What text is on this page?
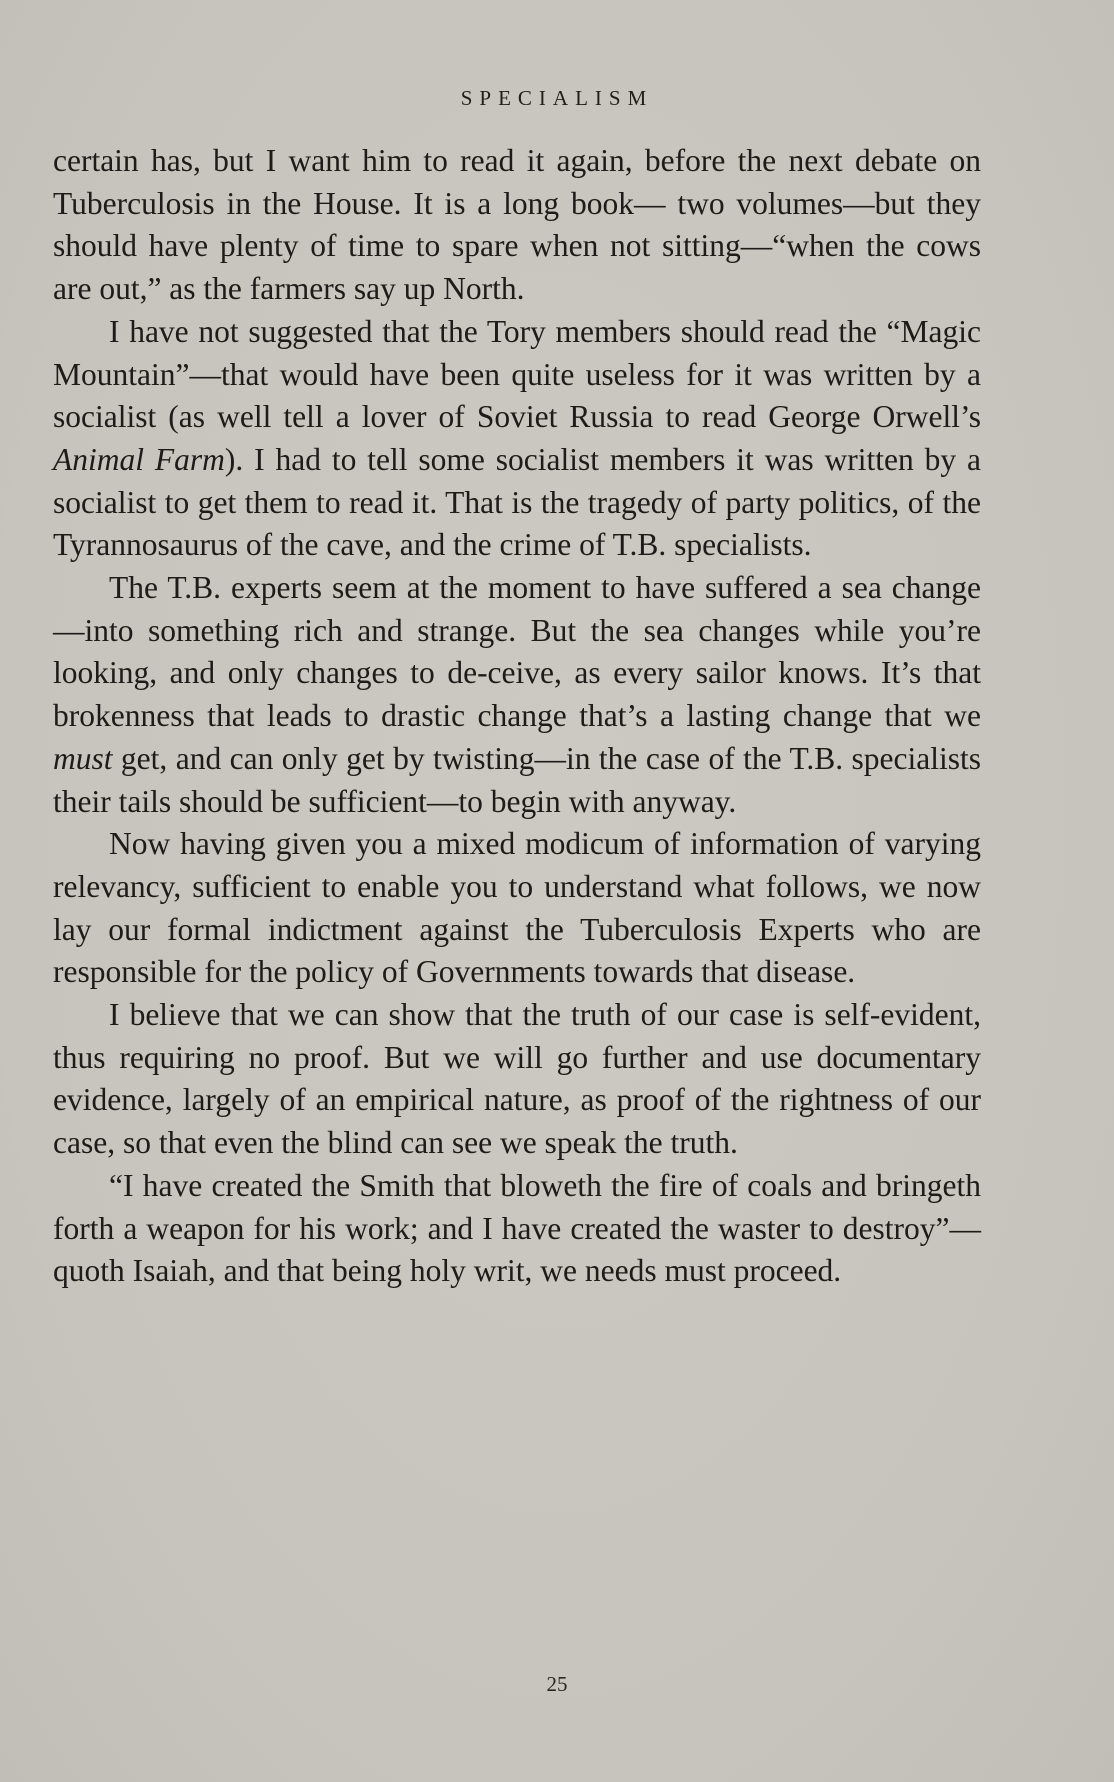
SPECIALISM

certain has, but I want him to read it again, before the next debate on Tuberculosis in the House. It is a long book— two volumes—but they should have plenty of time to spare when not sitting—“when the cows are out,” as the farmers say up North.

I have not suggested that the Tory members should read the “Magic Mountain”—that would have been quite useless for it was written by a socialist (as well tell a lover of Soviet Russia to read George Orwell’s Animal Farm). I had to tell some socialist members it was written by a socialist to get them to read it. That is the tragedy of party politics, of the Tyrannosaurus of the cave, and the crime of T.B. specialists.

The T.B. experts seem at the moment to have suffered a sea change—into something rich and strange. But the sea changes while you’re looking, and only changes to de-ceive, as every sailor knows. It’s that brokenness that leads to drastic change that’s a lasting change that we must get, and can only get by twisting—in the case of the T.B. specialists their tails should be sufficient—to begin with anyway.

Now having given you a mixed modicum of information of varying relevancy, sufficient to enable you to understand what follows, we now lay our formal indictment against the Tuberculosis Experts who are responsible for the policy of Governments towards that disease.

I believe that we can show that the truth of our case is self-evident, thus requiring no proof. But we will go further and use documentary evidence, largely of an empirical nature, as proof of the rightness of our case, so that even the blind can see we speak the truth.

“I have created the Smith that bloweth the fire of coals and bringeth forth a weapon for his work; and I have created the waster to destroy”—quoth Isaiah, and that being holy writ, we needs must proceed.

25
